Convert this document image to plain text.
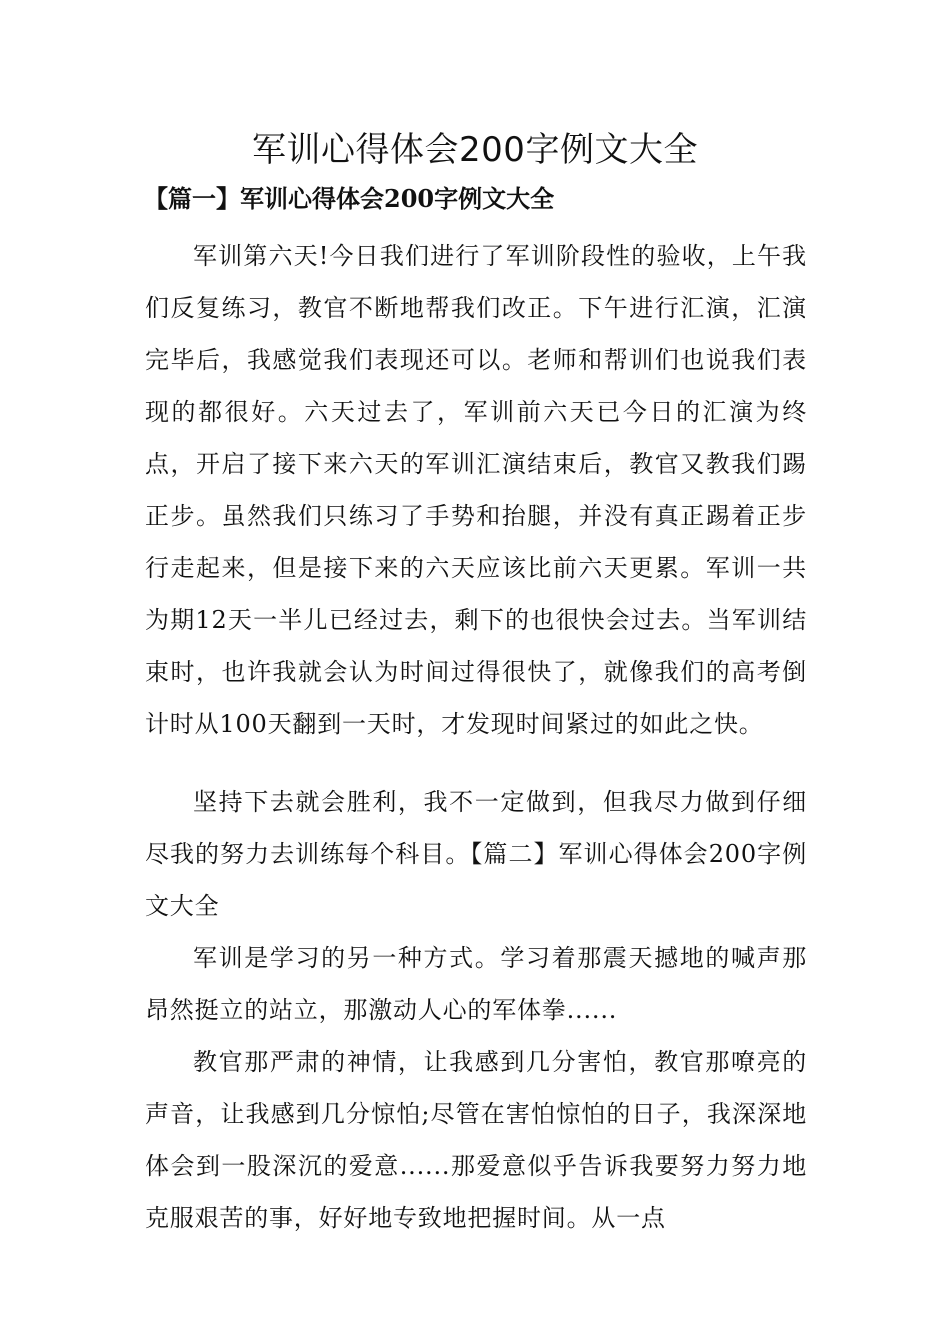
军训心得体会200字例文大全
【篇一】军训心得体会200字例文大全

军训第六天!今日我们进行了军训阶段性的验收，上午我们反复练习，教官不断地帮我们改正。下午进行汇演，汇演完毕后，我感觉我们表现还可以。老师和帮训们也说我们表现的都很好。六天过去了，军训前六天已今日的汇演为终点，开启了接下来六天的军训汇演结束后，教官又教我们踢正步。虽然我们只练习了手势和抬腿，并没有真正踢着正步行走起来，但是接下来的六天应该比前六天更累。军训一共为期12天一半儿已经过去，剩下的也很快会过去。当军训结束时，也许我就会认为时间过得很快了，就像我们的高考倒计时从100天翻到一天时，才发现时间紧过的如此之快。

坚持下去就会胜利，我不一定做到，但我尽力做到仔细尽我的努力去训练每个科目。【篇二】军训心得体会200字例文大全

军训是学习的另一种方式。学习着那震天撼地的喊声那昂然挺立的站立，那激动人心的军体拳......

教官那严肃的神情，让我感到几分害怕，教官那嘹亮的声音，让我感到几分惊怕;尽管在害怕惊怕的日子，我深深地体会到一股深沉的爱意......那爱意似乎告诉我要努力努力地克服艰苦的事，好好地专致地把握时间。从一点
